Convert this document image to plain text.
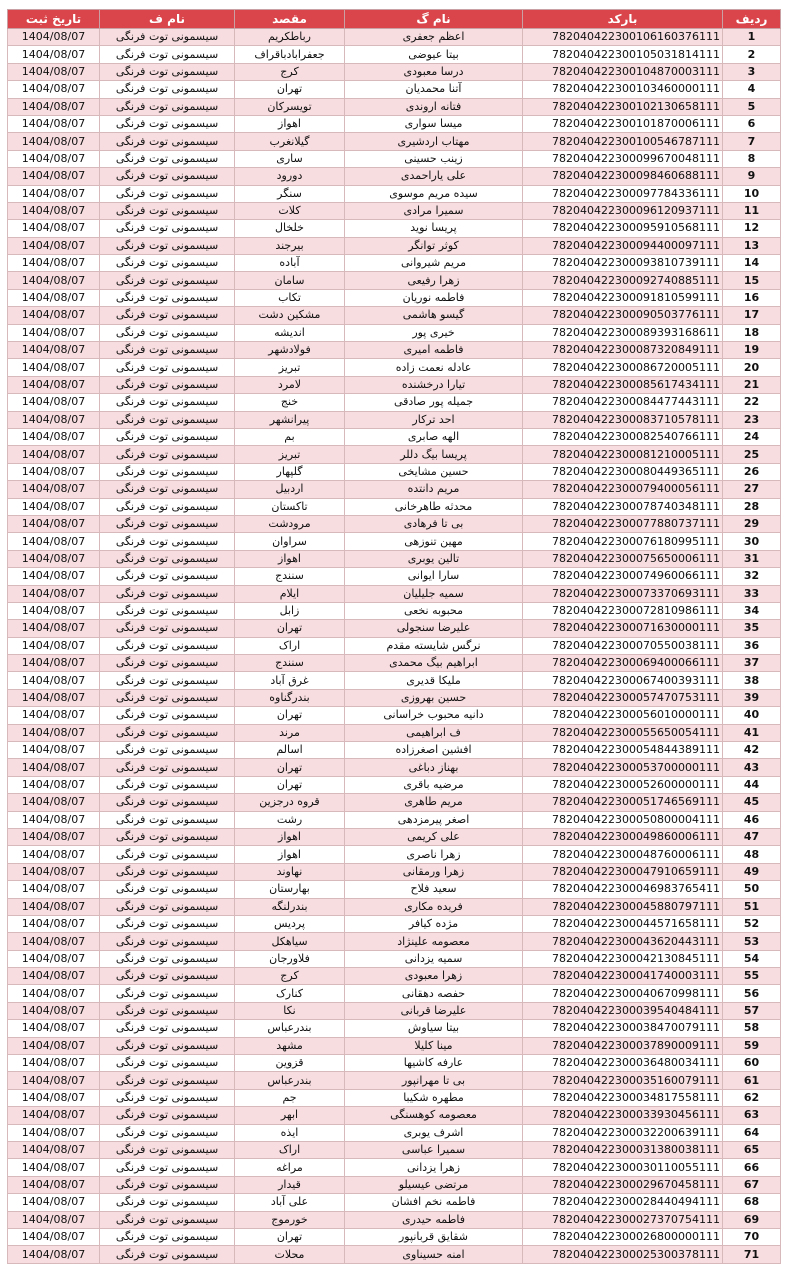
تاریخ ثبت	نام ف	مقصد	نام گ	بارکد	ردیف
1404/08/07	سیسمونی توت فرنگی	رباطکریم	اعظم جعفری	782040422300106160376111	1
1404/08/07	سیسمونی توت فرنگی	جعفرابادباقراف	بیتا عیوضی	782040422300105031814111	2
1404/08/07	سیسمونی توت فرنگی	کرج	درسا معبودی	782040422300104870003111	3
1404/08/07	سیسمونی توت فرنگی	تهران	آتنا محمدیان	782040422300103460000111	4
1404/08/07	سیسمونی توت فرنگی	تویسرکان	فتانه اروندی	782040422300102130658111	5
1404/08/07	سیسمونی توت فرنگی	اهواز	میسا سواری	782040422300101870006111	6
1404/08/07	سیسمونی توت فرنگی	گیلانغرب	مهتاب اردشیری	782040422300100546787111	7
1404/08/07	سیسمونی توت فرنگی	ساری	زینب حسینی	782040422300099670048111	8
1404/08/07	سیسمونی توت فرنگی	دورود	علی یاراحمدی	782040422300098460688111	9
1404/08/07	سیسمونی توت فرنگی	سنگر	سیده مریم موسوی	782040422300097784336111	10
1404/08/07	سیسمونی توت فرنگی	کلات	سمیرا مرادی	782040422300096120937111	11
1404/08/07	سیسمونی توت فرنگی	خلخال	پریسا نوید	782040422300095910568111	12
1404/08/07	سیسمونی توت فرنگی	بیرجند	کوثر توانگر	782040422300094400097111	13
1404/08/07	سیسمونی توت فرنگی	آباده	مریم شیروانی	782040422300093810739111	14
1404/08/07	سیسمونی توت فرنگی	سامان	زهرا رفیعی	782040422300092740885111	15
1404/08/07	سیسمونی توت فرنگی	تکاب	فاطمه نوریان	782040422300091810599111	16
1404/08/07	سیسمونی توت فرنگی	مشکین دشت	گیسو هاشمی	782040422300090503776111	17
1404/08/07	سیسمونی توت فرنگی	اندیشه	خیری پور	782040422300089393168611	18
1404/08/07	سیسمونی توت فرنگی	فولادشهر	فاطمه امیری	782040422300087320849111	19
1404/08/07	سیسمونی توت فرنگی	تبریز	عادله نعمت زاده	782040422300086720005111	20
1404/08/07	سیسمونی توت فرنگی	لامرد	تیارا درخشنده	782040422300085617434111	21
1404/08/07	سیسمونی توت فرنگی	خنج	جمیله پور صادقی	782040422300084477443111	22
1404/08/07	سیسمونی توت فرنگی	پیرانشهر	احد ترکار	782040422300083710578111	23
1404/08/07	سیسمونی توت فرنگی	بم	الهه صابری	782040422300082540766111	24
1404/08/07	سیسمونی توت فرنگی	تبریز	پریسا بیگ دللر	782040422300081210005111	25
1404/08/07	سیسمونی توت فرنگی	گلپهار	حسین مشایخی	782040422300080449365111	26
1404/08/07	سیسمونی توت فرنگی	اردبیل	مریم دانتده	782040422300079400056111	27
1404/08/07	سیسمونی توت فرنگی	تاکستان	محدثه طاهرخانی	782040422300078740348111	28
1404/08/07	سیسمونی توت فرنگی	مرودشت	بی تا فرهادی	782040422300077880737111	29
1404/08/07	سیسمونی توت فرنگی	سراوان	مهین تنوزهی	782040422300076180995111	30
1404/08/07	سیسمونی توت فرنگی	اهواز	تالین یوبری	782040422300075650006111	31
1404/08/07	سیسمونی توت فرنگی	سنندج	سارا ایوانی	782040422300074960066111	32
1404/08/07	سیسمونی توت فرنگی	ایلام	سمیه جلیلیان	782040422300073370693111	33
1404/08/07	سیسمونی توت فرنگی	زابل	محبوبه نخعی	782040422300072810986111	34
1404/08/07	سیسمونی توت فرنگی	تهران	علیرضا سنجولی	782040422300071630000111	35
1404/08/07	سیسمونی توت فرنگی	اراک	نرگس شایسته مقدم	782040422300070550038111	36
1404/08/07	سیسمونی توت فرنگی	سنندج	ابراهیم بیگ محمدی	782040422300069400066111	37
1404/08/07	سیسمونی توت فرنگی	غرق آباد	ملیکا قدیری	782040422300067400393111	38
1404/08/07	سیسمونی توت فرنگی	بندرگناوه	حسین بهروزی	782040422300057470753111	39
1404/08/07	سیسمونی توت فرنگی	تهران	دانیه محبوب خراسانی	782040422300056010000111	40
1404/08/07	سیسمونی توت فرنگی	مرند	ف ابراهیمی	782040422300055650054111	41
1404/08/07	سیسمونی توت فرنگی	اسالم	افشین اصغرزاده	782040422300054844389111	42
1404/08/07	سیسمونی توت فرنگی	تهران	بهناز دباغی	782040422300053700000111	43
1404/08/07	سیسمونی توت فرنگی	تهران	مرضیه باقری	782040422300052600000111	44
1404/08/07	سیسمونی توت فرنگی	قروه درجزین	مریم طاهری	782040422300051746569111	45
1404/08/07	سیسمونی توت فرنگی	رشت	اصغر پیرمزدهی	782040422300050800004111	46
1404/08/07	سیسمونی توت فرنگی	اهواز	علی کریمی	782040422300049860006111	47
1404/08/07	سیسمونی توت فرنگی	اهواز	زهرا ناصری	782040422300048760006111	48
1404/08/07	سیسمونی توت فرنگی	نهاوند	زهرا ورمقانی	782040422300047910659111	49
1404/08/07	سیسمونی توت فرنگی	بهارستان	سعید فلاح	782040422300046983765411	50
1404/08/07	سیسمونی توت فرنگی	بندرلنگه	فریده مکاری	782040422300045880797111	51
1404/08/07	سیسمونی توت فرنگی	پردیس	مژده کیافر	782040422300044571658111	52
1404/08/07	سیسمونی توت فرنگی	سیاهکل	معصومه علینژاد	782040422300043620443111	53
1404/08/07	سیسمونی توت فرنگی	فلاورجان	سمیه یزدانی	782040422300042130845111	54
1404/08/07	سیسمونی توت فرنگی	کرج	زهرا معبودی	782040422300041740003111	55
1404/08/07	سیسمونی توت فرنگی	کنارک	حفصه دهقانی	782040422300040670998111	56
1404/08/07	سیسمونی توت فرنگی	نکا	علیرضا قربانی	782040422300039540484111	57
1404/08/07	سیسمونی توت فرنگی	بندرعباس	بیتا سیاوش	782040422300038470079111	58
1404/08/07	سیسمونی توت فرنگی	مشهد	مینا کلیلا	782040422300037890009111	59
1404/08/07	سیسمونی توت فرنگی	قزوین	عارفه کاشیها	782040422300036480034111	60
1404/08/07	سیسمونی توت فرنگی	بندرعباس	بی تا مهرانپور	782040422300035160079111	61
1404/08/07	سیسمونی توت فرنگی	جم	مطهره شکیبا	782040422300034817558111	62
1404/08/07	سیسمونی توت فرنگی	ابهر	معصومه کوهسنگی	782040422300033930456111	63
1404/08/07	سیسمونی توت فرنگی	ایذه	اشرف یوبری	782040422300032200639111	64
1404/08/07	سیسمونی توت فرنگی	اراک	سمیرا عباسی	782040422300031380038111	65
1404/08/07	سیسمونی توت فرنگی	مراغه	زهرا یزدانی	782040422300030110055111	66
1404/08/07	سیسمونی توت فرنگی	قیدار	مرتضی عیسیلو	782040422300029670458111	67
1404/08/07	سیسمونی توت فرنگی	علی آباد	فاطمه نخم افشان	782040422300028440494111	68
1404/08/07	سیسمونی توت فرنگی	خورموج	فاطمه حیدری	782040422300027370754111	69
1404/08/07	سیسمونی توت فرنگی	تهران	شقایق قربانپور	782040422300026800000111	70
1404/08/07	سیسمونی توت فرنگی	محلات	امنه حسیناوی	782040422300025300378111	71
